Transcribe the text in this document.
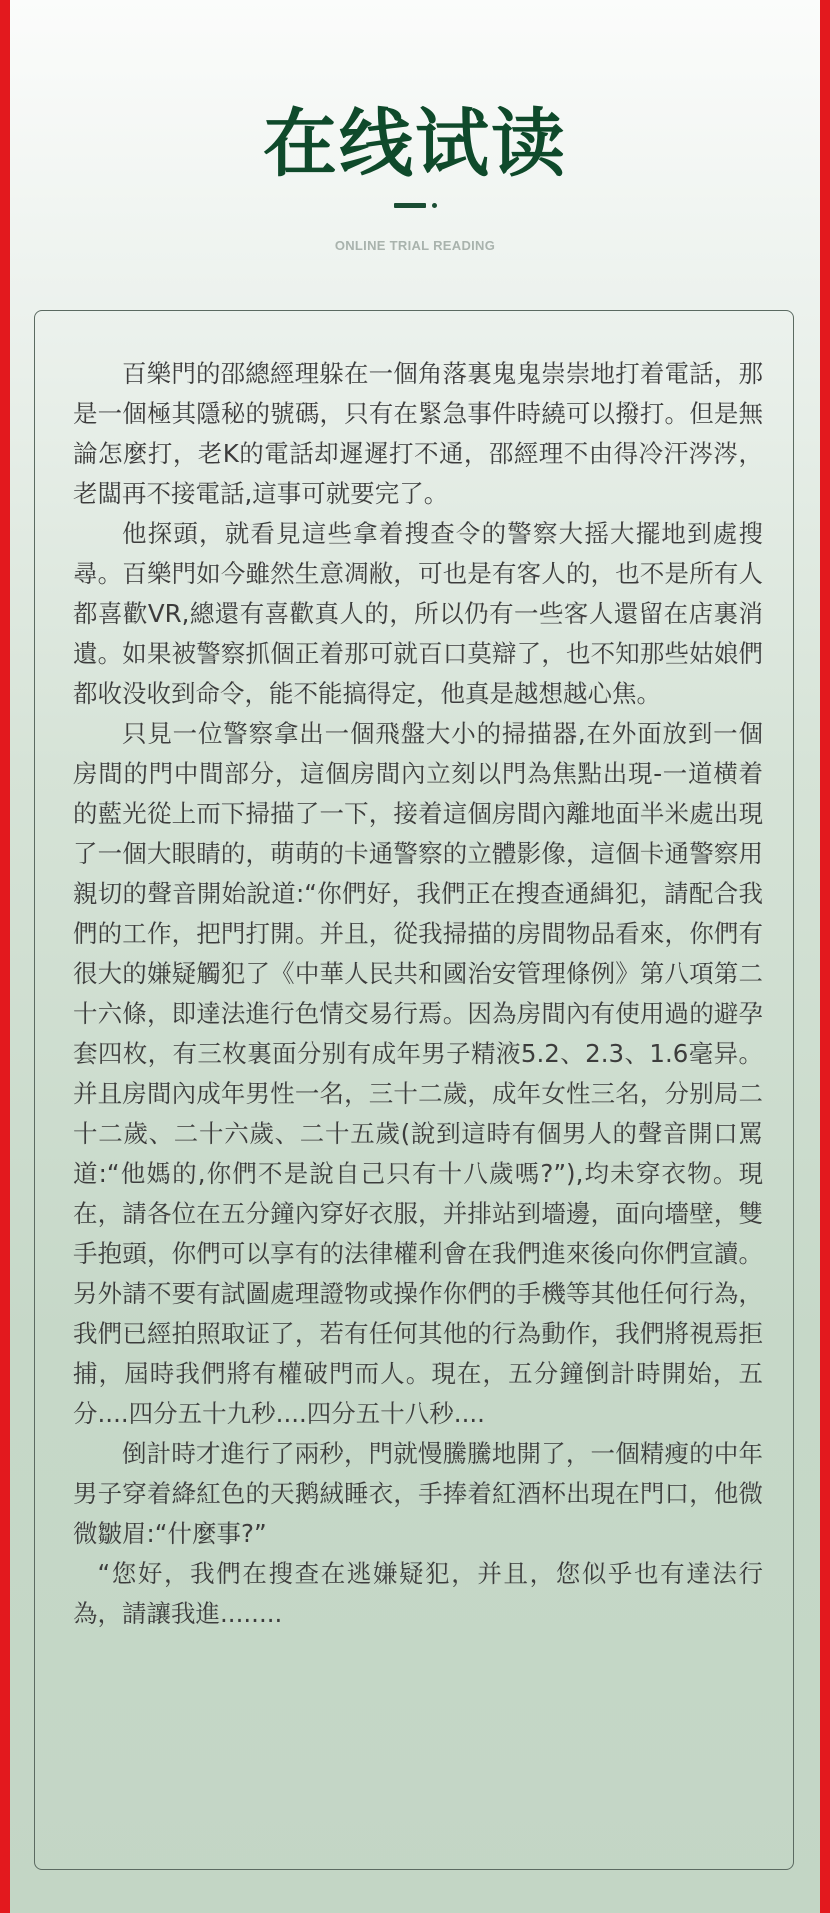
在线试读
ONLINE TRIAL READING

百樂門的邵總經理躲在一個角落裏鬼鬼崇崇地打着電話，那是一個極其隱秘的號碼，只有在緊急事件時繞可以撥打。但是無論怎麼打，老K的電話却遲遲打不通，邵經理不由得冷汗涔涔，老闆再不接電話,這事可就要完了。

他探頭，就看見這些拿着搜查令的警察大摇大擺地到處搜尋。百樂門如今雖然生意凋敝，可也是有客人的，也不是所有人都喜歡VR,總還有喜歡真人的，所以仍有一些客人還留在店裏消遺。如果被警察抓個正着那可就百口莫辯了，也不知那些姑娘們都收没收到命令，能不能搞得定，他真是越想越心焦。

只見一位警察拿出一個飛盤大小的掃描器,在外面放到一個房間的門中間部分，這個房間內立刻以門為焦點出現-一道横着的藍光從上而下掃描了一下，接着這個房間內離地面半米處出現了一個大眼睛的，萌萌的卡通警察的立體影像，這個卡通警察用親切的聲音開始說道:“你們好，我們正在搜查通緝犯，請配合我們的工作，把門打開。并且，從我掃描的房間物品看來，你們有很大的嫌疑觸犯了《中華人民共和國治安管理條例》第八項第二十六條，即達法進行色情交易行焉。因為房間內有使用過的避孕套四枚，有三枚裏面分别有成年男子精液5.2、2.3、1.6毫异。并且房間內成年男性一名，三十二歲，成年女性三名，分别局二十二歲、二十六歲、二十五歲(說到這時有個男人的聲音開口罵道:“他媽的,你們不是說自己只有十八歲嗎?”),均未穿衣物。現在，請各位在五分鐘內穿好衣服，并排站到墻邊，面向墻壁，雙手抱頭，你們可以享有的法律權利會在我們進來後向你們宣讀。另外請不要有試圖處理證物或操作你們的手機等其他任何行為，我們已經拍照取证了，若有任何其他的行為動作，我們將視焉拒捕，屆時我們將有權破門而人。現在，五分鐘倒計時開始，五分....四分五十九秒....四分五十八秒....

倒計時才進行了兩秒，門就慢騰騰地開了，一個精瘦的中年男子穿着絳紅色的天鹅絨睡衣，手捧着紅酒杯出現在門口，他微微皺眉:“什麼事?”

“您好，我們在搜查在逃嫌疑犯，并且，您似乎也有達法行為，請讓我進........
